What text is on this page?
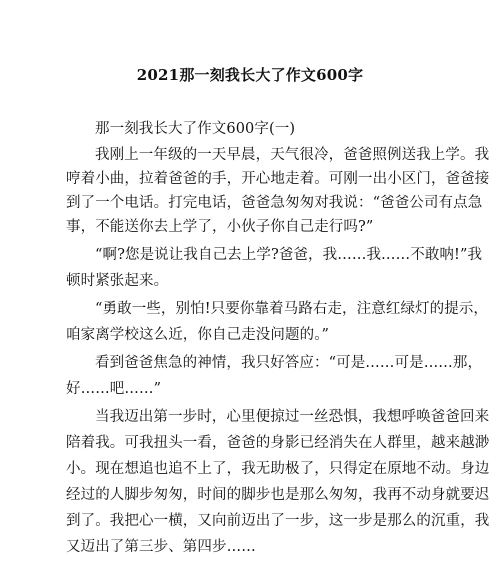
2021那一刻我长大了作文600字
那一刻我长大了作文600字(一)
我刚上一年级的一天早晨，天气很冷，爸爸照例送我上学。我
哼着小曲，拉着爸爸的手，开心地走着。可刚一出小区门，爸爸接
到了一个电话。打完电话，爸爸急匆匆对我说：“爸爸公司有点急
事，不能送你去上学了，小伙子你自己走行吗?”
“啊?您是说让我自己去上学?爸爸，我……我……不敢呐!”我
顿时紧张起来。
“勇敢一些，别怕!只要你靠着马路右走，注意红绿灯的提示，
咱家离学校这么近，你自己走没问题的。”
看到爸爸焦急的神情，我只好答应：“可是……可是……那，
好……吧……”
当我迈出第一步时，心里便掠过一丝恐惧，我想呼唤爸爸回来
陪着我。可我扭头一看，爸爸的身影已经消失在人群里，越来越渺
小。现在想追也追不上了，我无助极了，只得定在原地不动。身边
经过的人脚步匆匆，时间的脚步也是那么匆匆，我再不动身就要迟
到了。我把心一横，又向前迈出了一步，这一步是那么的沉重，我
又迈出了第三步、第四步……
